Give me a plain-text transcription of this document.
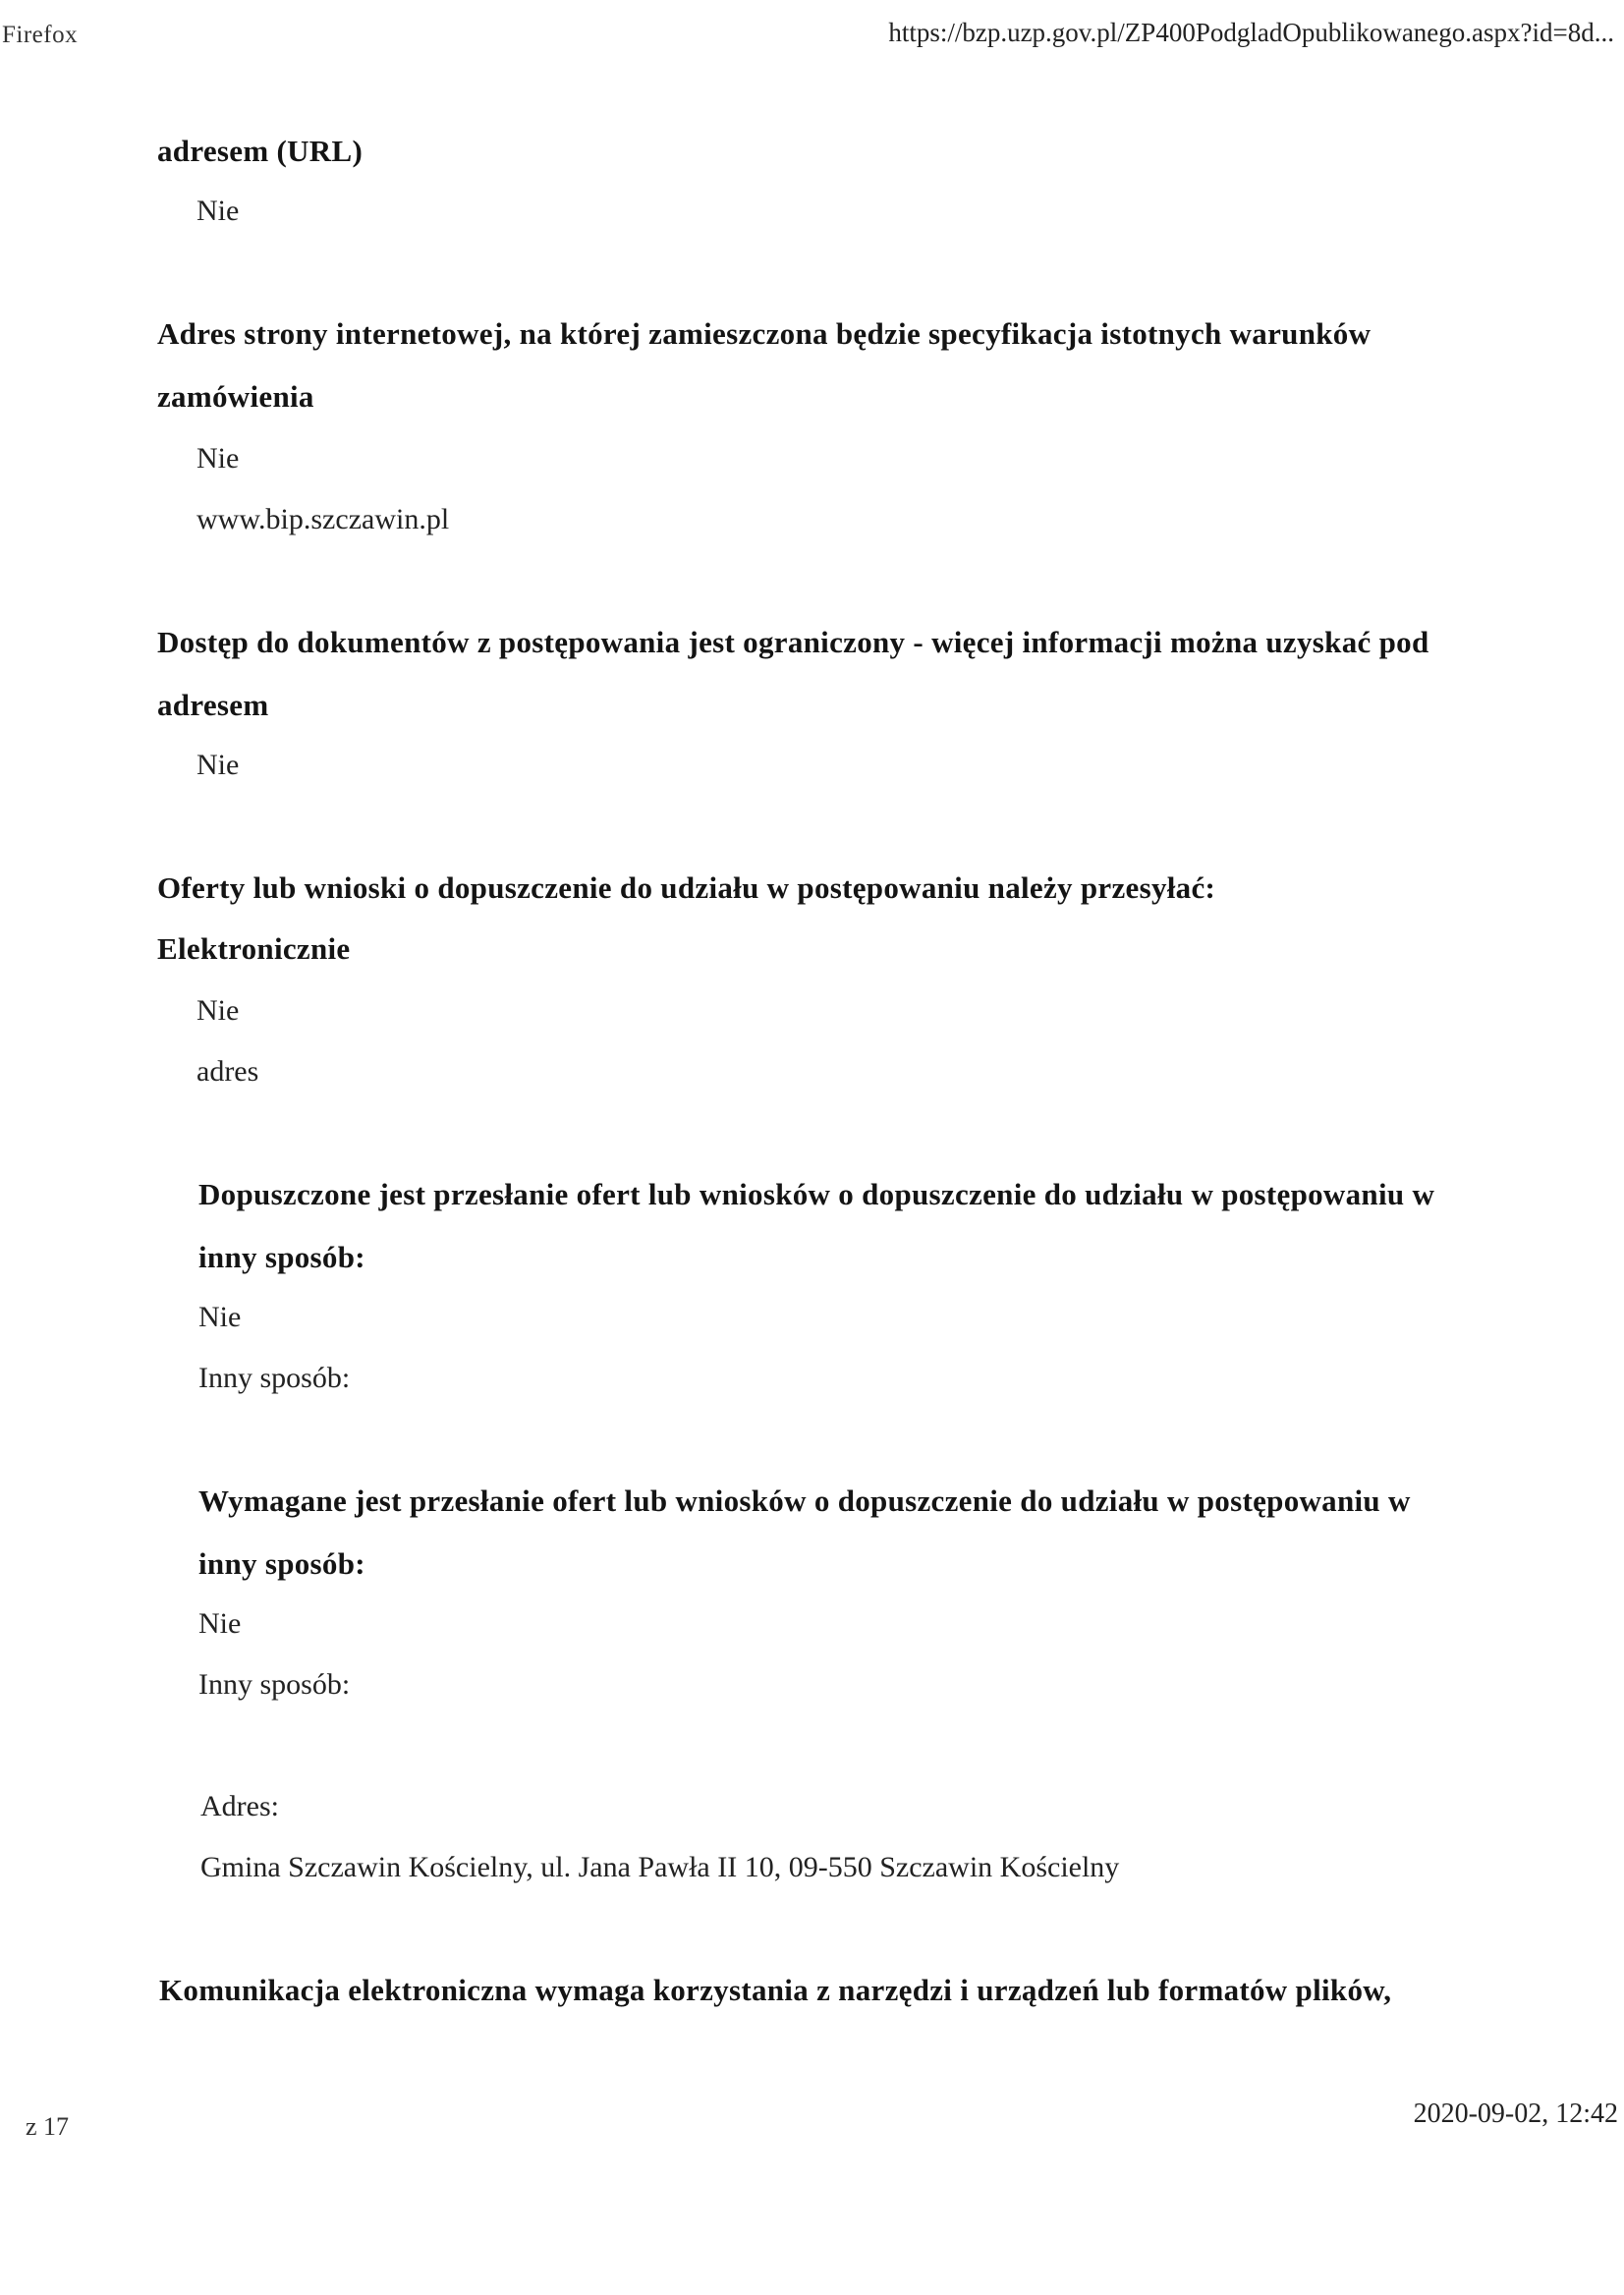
Firefox	https://bzp.uzp.gov.pl/ZP400PodgladOpublikowanego.aspx?id=8d...
adresem (URL)
Nie
Adres strony internetowej, na której zamieszczona będzie specyfikacja istotnych warunków
zamówienia
Nie
www.bip.szczawin.pl
Dostęp do dokumentów z postępowania jest ograniczony - więcej informacji można uzyskać pod
adresem
Nie
Oferty lub wnioski o dopuszczenie do udziału w postępowaniu należy przesyłać:
Elektronicznie
Nie
adres
Dopuszczone jest przesłanie ofert lub wniosków o dopuszczenie do udziału w postępowaniu w
inny sposób:
Nie
Inny sposób:
Wymagane jest przesłanie ofert lub wniosków o dopuszczenie do udziału w postępowaniu w
inny sposób:
Nie
Inny sposób:
Adres:
Gmina Szczawin Kościelny, ul. Jana Pawła II 10, 09-550 Szczawin Kościelny
Komunikacja elektroniczna wymaga korzystania z narzędzi i urządzeń lub formatów plików,
z 17	2020-09-02, 12:42
